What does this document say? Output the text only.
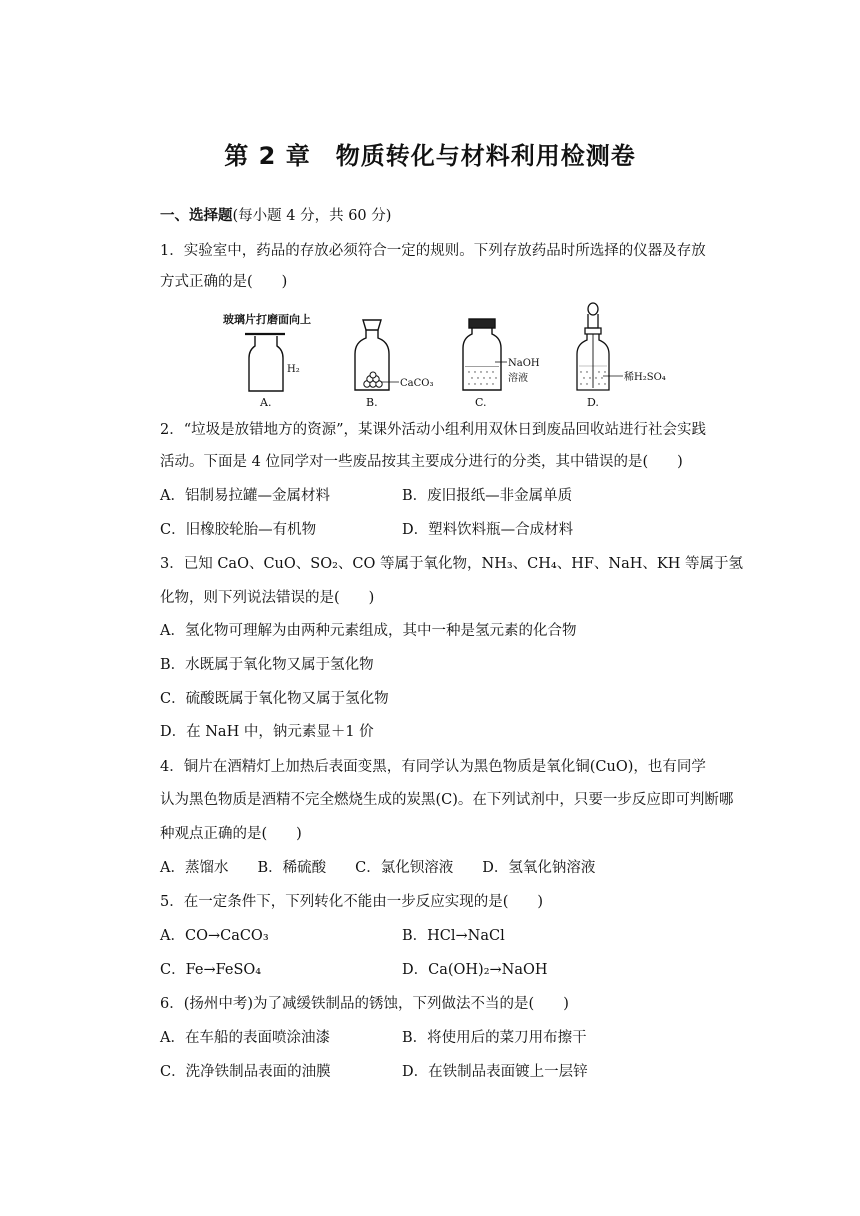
第 2 章　物质转化与材料利用检测卷
一、选择题(每小题 4 分，共 60 分)
1．实验室中，药品的存放必须符合一定的规则。下列存放药品时所选择的仪器及存放
方式正确的是(　　)
玻璃片打磨面向上
H₂
A.
CaCO₃
B.
NaOH
溶液
C.
稀H₂SO₄
D.
2．“垃圾是放错地方的资源”，某课外活动小组利用双休日到废品回收站进行社会实践
活动。下面是 4 位同学对一些废品按其主要成分进行的分类，其中错误的是(　　)
A．铝制易拉罐—金属材料	B．废旧报纸—非金属单质
C．旧橡胶轮胎—有机物	D．塑料饮料瓶—合成材料
3．已知 CaO、CuO、SO₂、CO 等属于氧化物，NH₃、CH₄、HF、NaH、KH 等属于氢
化物，则下列说法错误的是(　　)
A．氢化物可理解为由两种元素组成，其中一种是氢元素的化合物
B．水既属于氧化物又属于氢化物
C．硫酸既属于氧化物又属于氢化物
D．在 NaH 中，钠元素显＋1 价
4．铜片在酒精灯上加热后表面变黑，有同学认为黑色物质是氧化铜(CuO)，也有同学
认为黑色物质是酒精不完全燃烧生成的炭黑(C)。在下列试剂中，只要一步反应即可判断哪
种观点正确的是(　　)
A．蒸馏水　　B．稀硫酸　　C．氯化钡溶液　　D．氢氧化钠溶液
5．在一定条件下，下列转化不能由一步反应实现的是(　　)
A．CO→CaCO₃	B．HCl→NaCl
C．Fe→FeSO₄	D．Ca(OH)₂→NaOH
6．(扬州中考)为了减缓铁制品的锈蚀，下列做法不当的是(　　)
A．在车船的表面喷涂油漆	B．将使用后的菜刀用布擦干
C．洗净铁制品表面的油膜	D．在铁制品表面镀上一层锌
